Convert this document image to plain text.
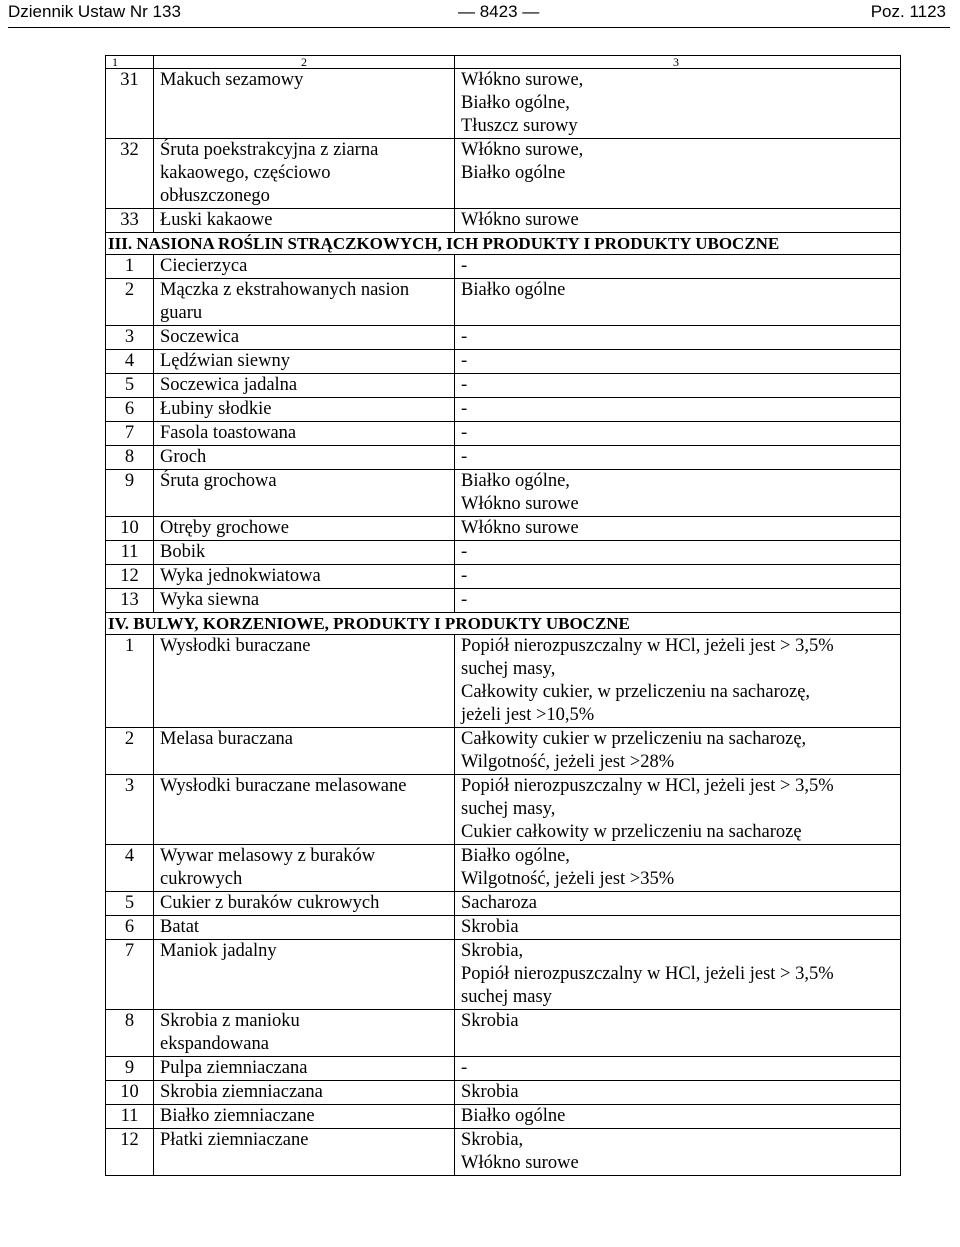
Dziennik Ustaw Nr 133	— 8423 —	Poz. 1123
1	2	3

31	Makuch sezamowy	Włókno surowe,
Białko ogólne,
Tłuszcz surowy

32	Śruta poekstrakcyjna z ziarna
kakaowego, częściowo
obłuszczonego	Włókno surowe,
Białko ogólne

33	Łuski kakaowe	Włókno surowe

III. NASIONA ROŚLIN STRĄCZKOWYCH, ICH PRODUKTY I PRODUKTY UBOCZNE		

1	Ciecierzyca	-

2	Mączka z ekstrahowanych nasion
guaru	Białko ogólne

3	Soczewica	-

4	Lędźwian siewny	-

5	Soczewica jadalna	-

6	Łubiny słodkie	-

7	Fasola toastowana	-

8	Groch	-

9	Śruta grochowa	Białko ogólne,
Włókno surowe

10	Otręby grochowe	Włókno surowe

11	Bobik	-

12	Wyka jednokwiatowa	-

13	Wyka siewna	-

IV. BULWY, KORZENIOWE, PRODUKTY I PRODUKTY UBOCZNE		

1	Wysłodki buraczane	Popiół nierozpuszczalny w HCl, jeżeli jest > 3,5%
suchej masy,
Całkowity cukier, w przeliczeniu na sacharozę,
jeżeli jest >10,5%

2	Melasa buraczana	Całkowity cukier w przeliczeniu na sacharozę,
Wilgotność, jeżeli jest >28%

3	Wysłodki buraczane melasowane	Popiół nierozpuszczalny w HCl, jeżeli jest > 3,5%
suchej masy,
Cukier całkowity w przeliczeniu na sacharozę

4	Wywar melasowy z buraków
cukrowych	Białko ogólne,
Wilgotność, jeżeli jest >35%

5	Cukier z buraków cukrowych	Sacharoza

6	Batat	Skrobia

7	Maniok jadalny	Skrobia,
Popiół nierozpuszczalny w HCl, jeżeli jest > 3,5%
suchej masy

8	Skrobia z manioku
ekspandowana	Skrobia

9	Pulpa ziemniaczana	-

10	Skrobia ziemniaczana	Skrobia

11	Białko ziemniaczane	Białko ogólne

12	Płatki ziemniaczane	Skrobia,
Włókno surowe
